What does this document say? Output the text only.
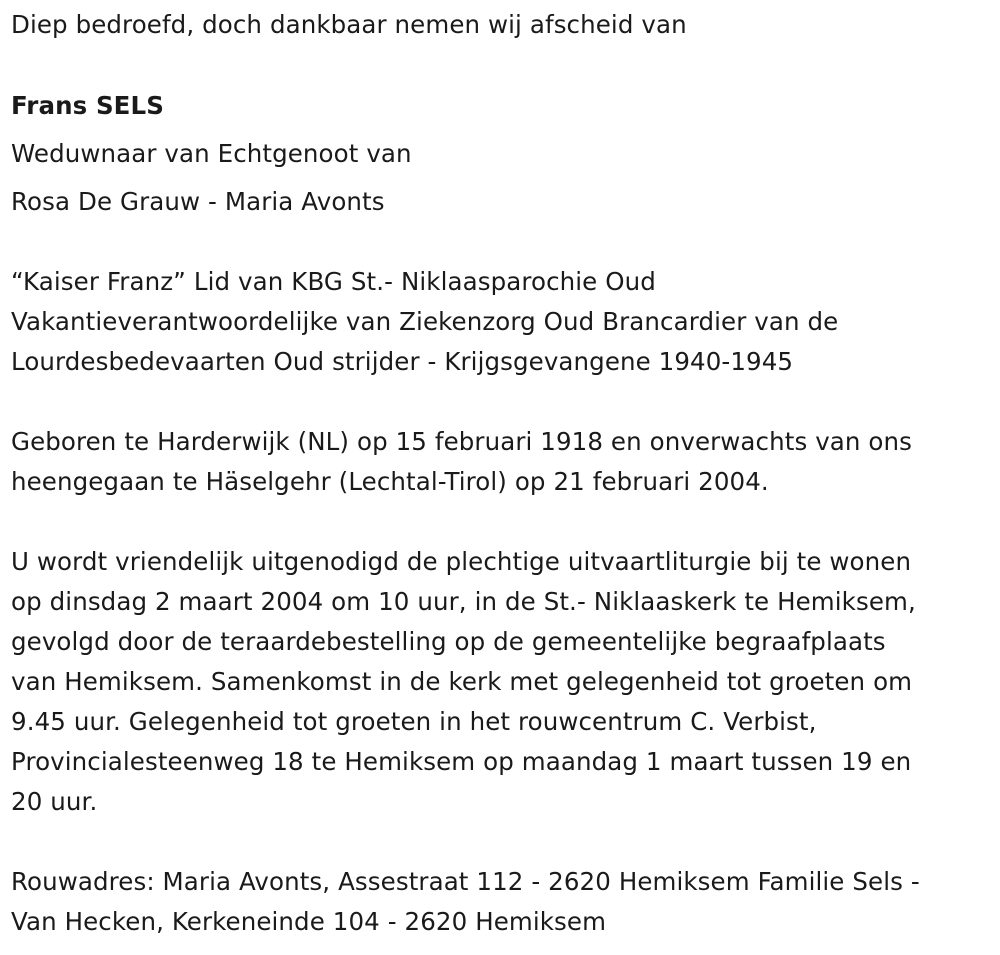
Diep bedroefd, doch dankbaar nemen wij afscheid van
Frans SELS
Weduwnaar van Echtgenoot van
Rosa De Grauw - Maria Avonts
“Kaiser Franz” Lid van KBG St.- Niklaasparochie Oud
Vakantieverantwoordelijke van Ziekenzorg Oud Brancardier van de
Lourdesbedevaarten Oud strijder - Krijgsgevangene 1940-1945
Geboren te Harderwijk (NL) op 15 februari 1918 en onverwachts van ons
heengegaan te Häselgehr (Lechtal-Tirol) op 21 februari 2004.
U wordt vriendelijk uitgenodigd de plechtige uitvaartliturgie bij te wonen
op dinsdag 2 maart 2004 om 10 uur, in de St.- Niklaaskerk te Hemiksem,
gevolgd door de teraardebestelling op de gemeentelijke begraafplaats
van Hemiksem. Samenkomst in de kerk met gelegenheid tot groeten om
9.45 uur. Gelegenheid tot groeten in het rouwcentrum C. Verbist,
Provincialesteenweg 18 te Hemiksem op maandag 1 maart tussen 19 en
20 uur.
Rouwadres: Maria Avonts, Assestraat 112 - 2620 Hemiksem Familie Sels -
Van Hecken, Kerkeneinde 104 - 2620 Hemiksem
